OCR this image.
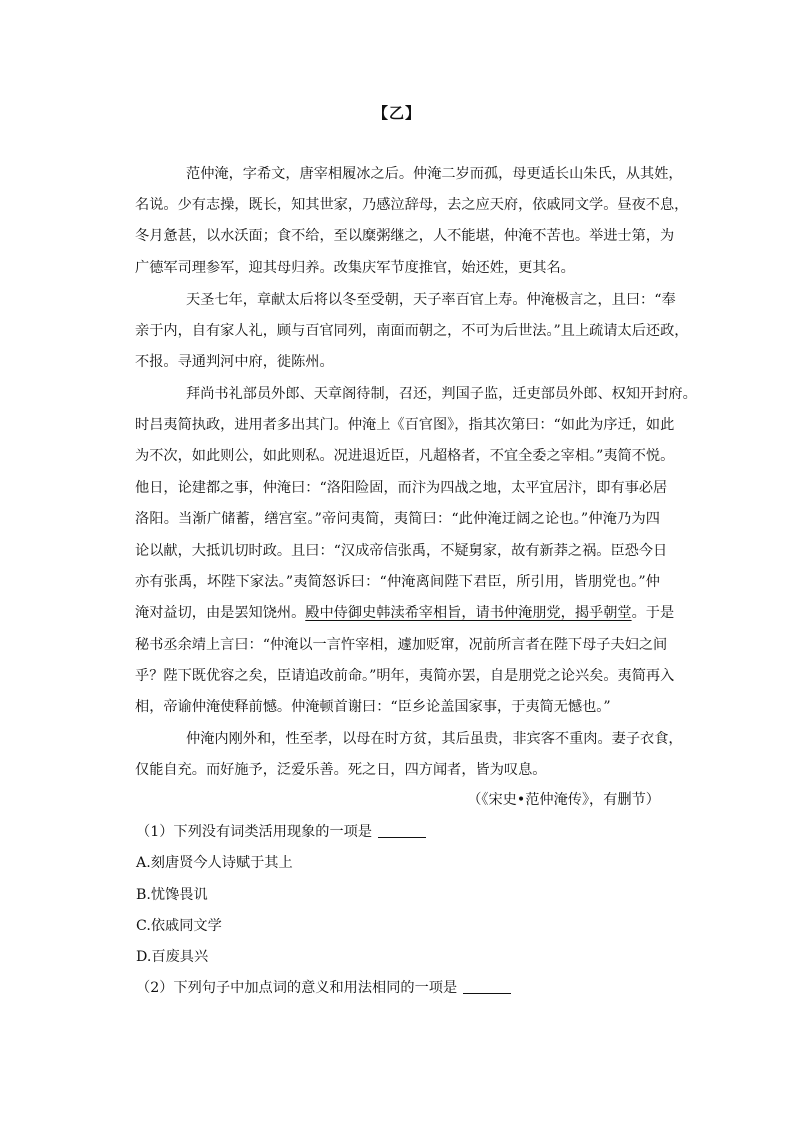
【乙】
范仲淹，字希文，唐宰相履冰之后。仲淹二岁而孤，母更适长山朱氏，从其姓，
名说。少有志操，既长，知其世家，乃感泣辞母，去之应天府，依戚同文学。昼夜不息，
冬月惫甚，以水沃面；食不给，至以糜粥继之，人不能堪，仲淹不苦也。举进士第，为
广德军司理参军，迎其母归养。改集庆军节度推官，始还姓，更其名。
天圣七年，章献太后将以冬至受朝，天子率百官上寿。仲淹极言之，且曰：“奉
亲于内，自有家人礼，顾与百官同列，南面而朝之，不可为后世法。”且上疏请太后还政，
不报。寻通判河中府，徙陈州。
拜尚书礼部员外郎、天章阁待制，召还，判国子监，迁吏部员外郎、权知开封府。
时吕夷简执政，进用者多出其门。仲淹上《百官图》，指其次第曰：“如此为序迁，如此
为不次，如此则公，如此则私。况进退近臣，凡超格者，不宜全委之宰相。”夷简不悦。
他日，论建都之事，仲淹曰：“洛阳险固，而汴为四战之地，太平宜居汴，即有事必居
洛阳。当渐广储蓄，缮宫室。”帝问夷简，夷简曰：“此仲淹迂阔之论也。”仲淹乃为四
论以献，大抵讥切时政。且曰：“汉成帝信张禹，不疑舅家，故有新莽之祸。臣恐今日
亦有张禹，坏陛下家法。”夷简怒诉曰：“仲淹离间陛下君臣，所引用，皆朋党也。”仲
淹对益切，由是罢知饶州。殿中侍御史韩渎希宰相旨，请书仲淹朋党，揭乎朝堂。于是
秘书丞余靖上言曰：“仲淹以一言忤宰相，遽加贬窜，况前所言者在陛下母子夫妇之间
乎？陛下既优容之矣，臣请追改前命。”明年，夷简亦罢，自是朋党之论兴矣。夷简再入
相，帝谕仲淹使释前憾。仲淹顿首谢曰：“臣乡论盖国家事，于夷简无憾也。”
仲淹内刚外和，性至孝，以母在时方贫，其后虽贵，非宾客不重肉。妻子衣食，
仅能自充。而好施予，泛爱乐善。死之日，四方闻者，皆为叹息。
（《宋史•范仲淹传》，有删节）
（1）下列没有词类活用现象的一项是
A.刻唐贤今人诗赋于其上
B.忧馋畏讥
C.依戚同文学
D.百废具兴
（2）下列句子中加点词的意义和用法相同的一项是
